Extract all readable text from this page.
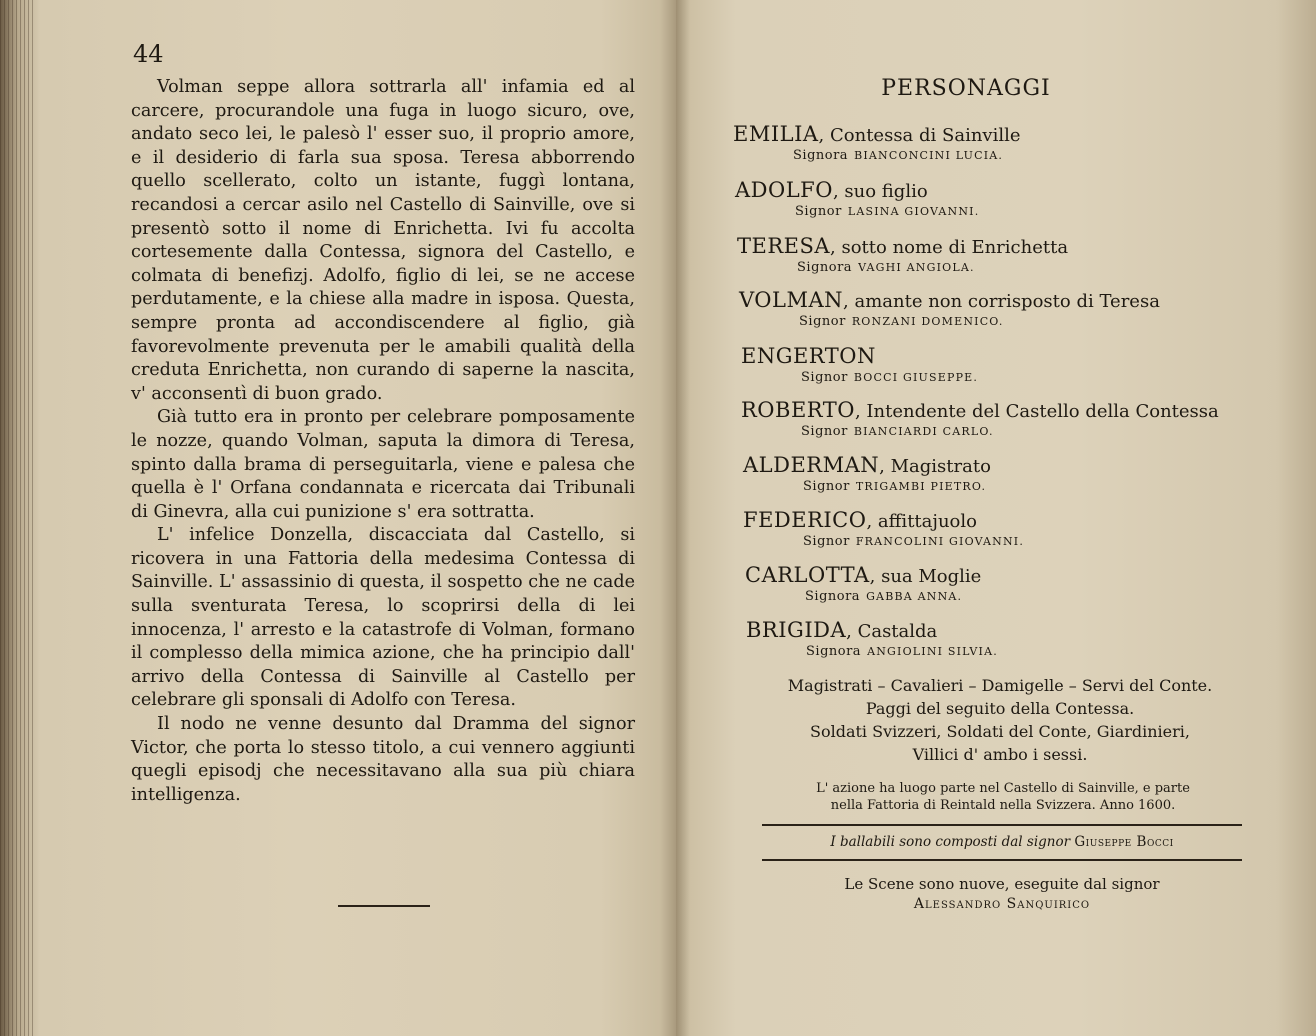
44

Volman seppe allora sottrarla all' infamia ed al carcere, procurandole una fuga in luogo sicuro, ove, andato seco lei, le palesò l' esser suo, il proprio amore, e il desiderio di farla sua sposa. Teresa abborrendo quello scellerato, colto un istante, fuggì lontana, recandosi a cercar asilo nel Castello di Sainville, ove si presentò sotto il nome di Enrichetta. Ivi fu accolta cortesemente dalla Contessa, signora del Castello, e colmata di benefizj. Adolfo, figlio di lei, se ne accese perdutamente, e la chiese alla madre in isposa. Questa, sempre pronta ad accondiscendere al figlio, già favorevolmente prevenuta per le amabili qualità della creduta Enrichetta, non curando di saperne la nascita, v' acconsentì di buon grado.

Già tutto era in pronto per celebrare pomposamente le nozze, quando Volman, saputa la dimora di Teresa, spinto dalla brama di perseguitarla, viene e palesa che quella è l' Orfana condannata e ricercata dai Tribunali di Ginevra, alla cui punizione s' era sottratta.

L' infelice Donzella, discacciata dal Castello, si ricovera in una Fattoria della medesima Contessa di Sainville. L' assassinio di questa, il sospetto che ne cade sulla sventurata Teresa, lo scoprirsi della di lei innocenza, l' arresto e la catastrofe di Volman, formano il complesso della mimica azione, che ha principio dall' arrivo della Contessa di Sainville al Castello per celebrare gli sponsali di Adolfo con Teresa.

Il nodo ne venne desunto dal Dramma del signor Victor, che porta lo stesso titolo, a cui vennero aggiunti quegli episodj che necessitavano alla sua più chiara intelligenza.

PERSONAGGI
EMILIA, Contessa di Sainville
Signora BIANCONCINI LUCIA.
ADOLFO, suo figlio
Signor LASINA GIOVANNI.
TERESA, sotto nome di Enrichetta
Signora VAGHI ANGIOLA.
VOLMAN, amante non corrisposto di Teresa
Signor RONZANI DOMENICO.
ENGERTON
Signor BOCCI GIUSEPPE.
ROBERTO, Intendente del Castello della Contessa
Signor BIANCIARDI CARLO.
ALDERMAN, Magistrato
Signor TRIGAMBI PIETRO.
FEDERICO, affittajuolo
Signor FRANCOLINI GIOVANNI.
CARLOTTA, sua Moglie
Signora GABBA ANNA.
BRIGIDA, Castalda
Signora ANGIOLINI SILVIA.
Magistrati – Cavalieri – Damigelle – Servi del Conte.
Paggi del seguito della Contessa.
Soldati Svizzeri, Soldati del Conte, Giardinieri,
Villici d' ambo i sessi.
L' azione ha luogo parte nel Castello di Sainville, e parte
nella Fattoria di Reintald nella Svizzera. Anno 1600.
I ballabili sono composti dal signor Giuseppe Bocci
Le Scene sono nuove, eseguite dal signor
Alessandro Sanquirico
